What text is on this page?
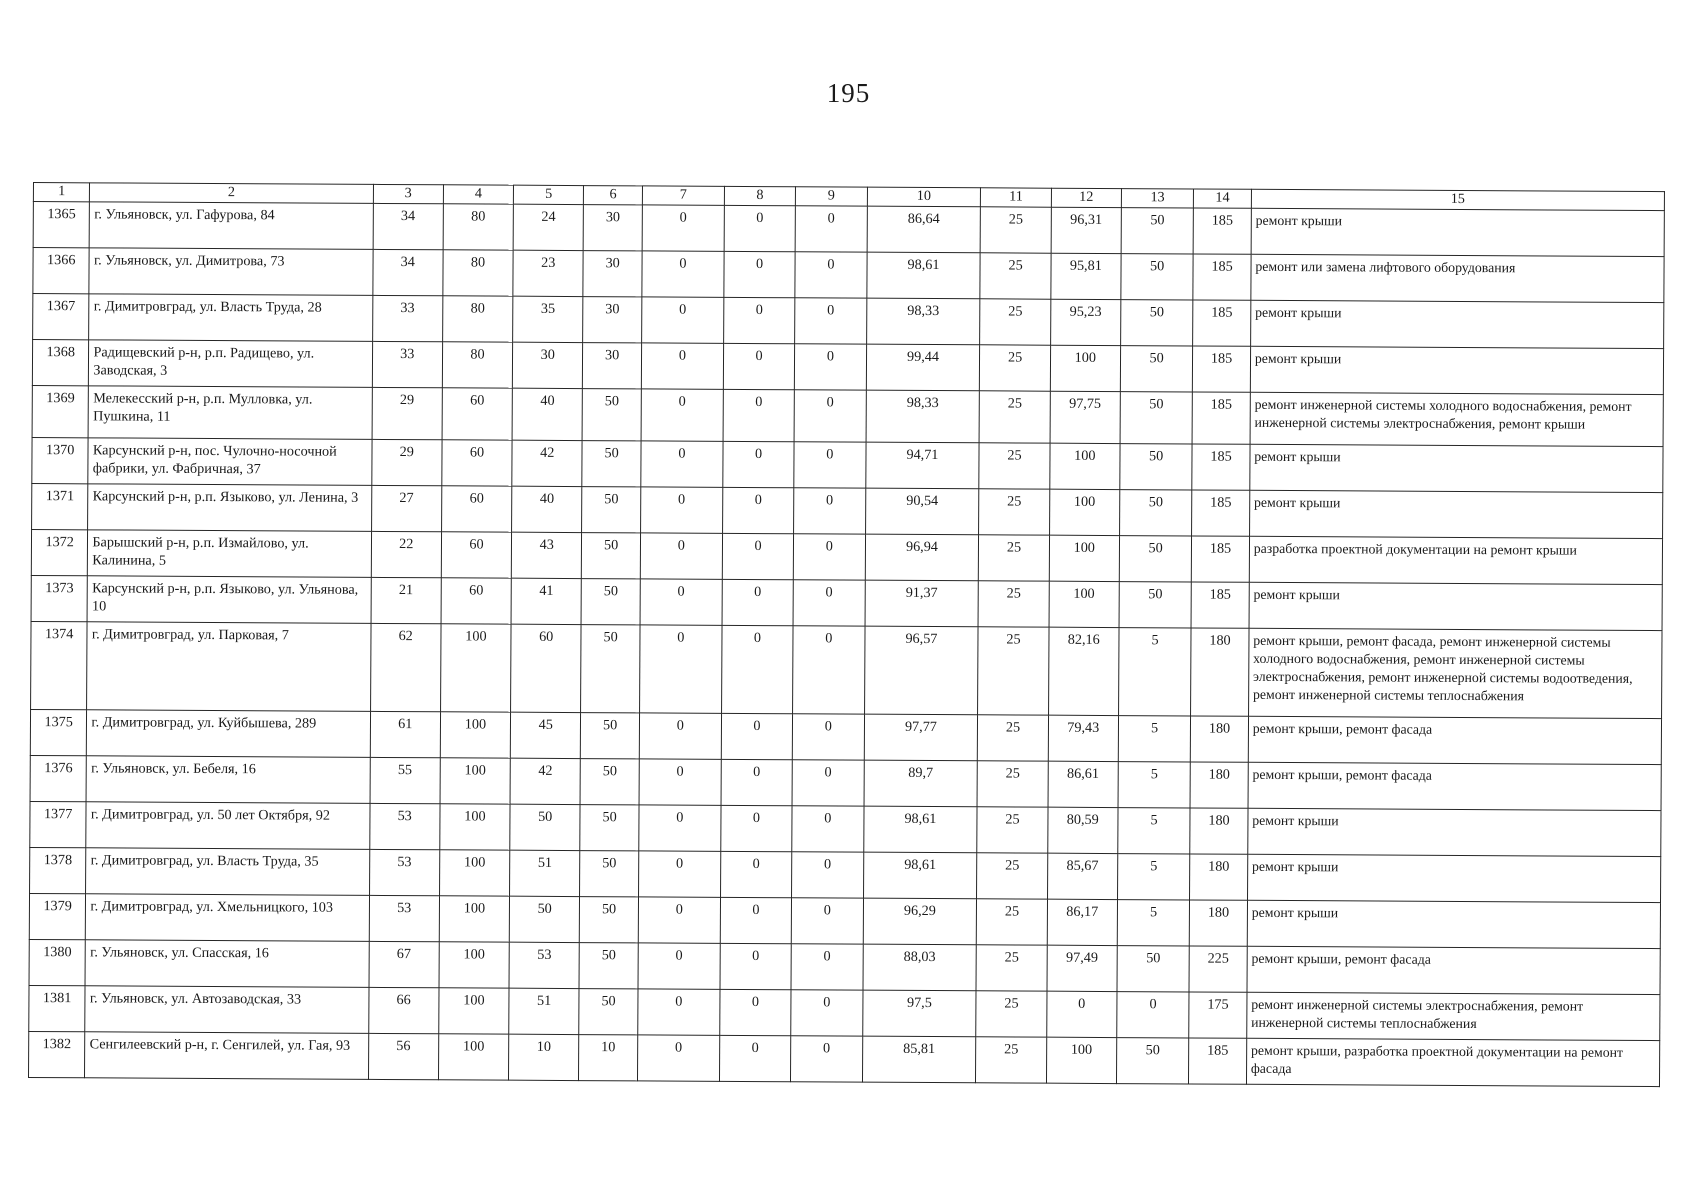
195
1	2	3	4	5	6	7	8	9	10	11	12	13	14	15
1365	г. Ульяновск, ул. Гафурова, 84	34	80	24	30	0	0	0	86,64	25	96,31	50	185	ремонт крыши
1366	г. Ульяновск, ул. Димитрова, 73	34	80	23	30	0	0	0	98,61	25	95,81	50	185	ремонт или замена лифтового оборудования
1367	г. Димитровград, ул. Власть Труда, 28	33	80	35	30	0	0	0	98,33	25	95,23	50	185	ремонт крыши
1368	Радищевский р-н, р.п. Радищево, ул. Заводская, 3	33	80	30	30	0	0	0	99,44	25	100	50	185	ремонт крыши
1369	Мелекесский р-н, р.п. Мулловка, ул. Пушкина, 11	29	60	40	50	0	0	0	98,33	25	97,75	50	185	ремонт инженерной системы холодного водоснабжения, ремонт инженерной системы электроснабжения, ремонт крыши
1370	Карсунский р-н, пос. Чулочно-носочной фабрики, ул. Фабричная, 37	29	60	42	50	0	0	0	94,71	25	100	50	185	ремонт крыши
1371	Карсунский р-н, р.п. Языково, ул. Ленина, 3	27	60	40	50	0	0	0	90,54	25	100	50	185	ремонт крыши
1372	Барышский р-н, р.п. Измайлово, ул. Калинина, 5	22	60	43	50	0	0	0	96,94	25	100	50	185	разработка проектной документации на ремонт крыши
1373	Карсунский р-н, р.п. Языково, ул. Ульянова, 10	21	60	41	50	0	0	0	91,37	25	100	50	185	ремонт крыши
1374	г. Димитровград, ул. Парковая, 7	62	100	60	50	0	0	0	96,57	25	82,16	5	180	ремонт крыши, ремонт фасада, ремонт инженерной системы холодного водоснабжения, ремонт инженерной системы электроснабжения, ремонт инженерной системы водоотведения, ремонт инженерной системы теплоснабжения
1375	г. Димитровград, ул. Куйбышева, 289	61	100	45	50	0	0	0	97,77	25	79,43	5	180	ремонт крыши, ремонт фасада
1376	г. Ульяновск, ул. Бебеля, 16	55	100	42	50	0	0	0	89,7	25	86,61	5	180	ремонт крыши, ремонт фасада
1377	г. Димитровград, ул. 50 лет Октября, 92	53	100	50	50	0	0	0	98,61	25	80,59	5	180	ремонт крыши
1378	г. Димитровград, ул. Власть Труда, 35	53	100	51	50	0	0	0	98,61	25	85,67	5	180	ремонт крыши
1379	г. Димитровград, ул. Хмельницкого, 103	53	100	50	50	0	0	0	96,29	25	86,17	5	180	ремонт крыши
1380	г. Ульяновск, ул. Спасская, 16	67	100	53	50	0	0	0	88,03	25	97,49	50	225	ремонт крыши, ремонт фасада
1381	г. Ульяновск, ул. Автозаводская, 33	66	100	51	50	0	0	0	97,5	25	0	0	175	ремонт инженерной системы электроснабжения, ремонт инженерной системы теплоснабжения
1382	Сенгилеевский р-н, г. Сенгилей, ул. Гая, 93	56	100	10	10	0	0	0	85,81	25	100	50	185	ремонт крыши, разработка проектной документации на ремонт фасада
